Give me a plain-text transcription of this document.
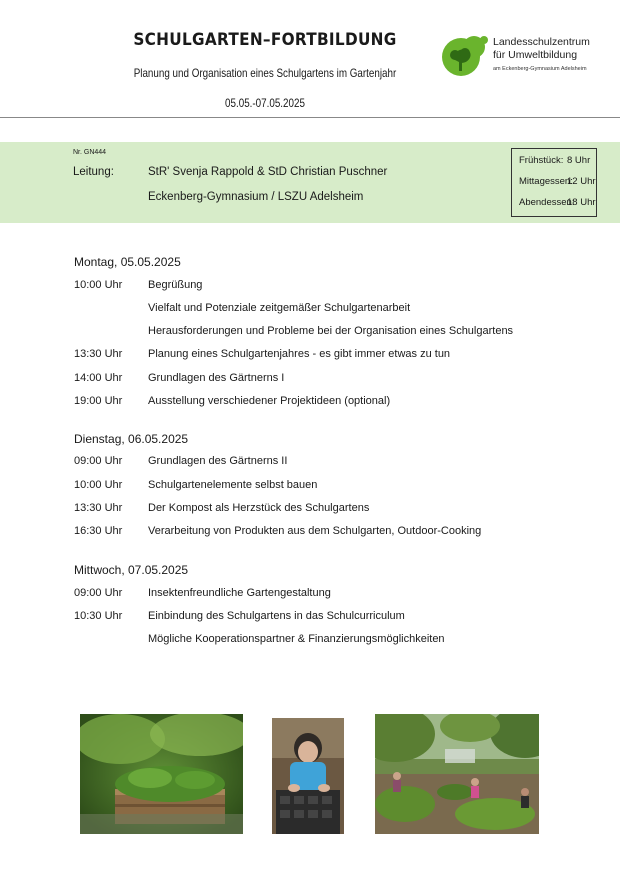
SCHULGARTEN–FORTBILDUNG
Planung und Organisation eines Schulgartens im Gartenjahr
05.05.-07.05.2025
Landesschulzentrum
für Umweltbildung
am Eckenberg-Gymnasium Adelsheim
Nr. GN444
Leitung:	StR' Svenja Rappold & StD Christian Puschner
Eckenberg-Gymnasium / LSZU Adelsheim
Frühstück: 8 Uhr
Mittagessen:
12 Uhr
Abendessen:
18 Uhr
Montag, 05.05.2025
10:00 Uhr Begrüßung
Vielfalt und Potenziale zeitgemäßer Schulgartenarbeit
Herausforderungen und Probleme bei der Organisation eines Schulgartens
13:30 Uhr Planung eines Schulgartenjahres - es gibt immer etwas zu tun
14:00 Uhr Grundlagen des Gärtnerns I
19:00 Uhr Ausstellung verschiedener Projektideen (optional)
Dienstag, 06.05.2025
09:00 Uhr Grundlagen des Gärtnerns II
10:00 Uhr Schulgartenelemente selbst bauen
13:30 Uhr Der Kompost als Herzstück des Schulgartens
16:30 Uhr Verarbeitung von Produkten aus dem Schulgarten, Outdoor-Cooking
Mittwoch, 07.05.2025
09:00 Uhr Insektenfreundliche Gartengestaltung
10:30 Uhr Einbindung des Schulgartens in das Schulcurriculum
Mögliche Kooperationspartner & Finanzierungsmöglichkeiten
